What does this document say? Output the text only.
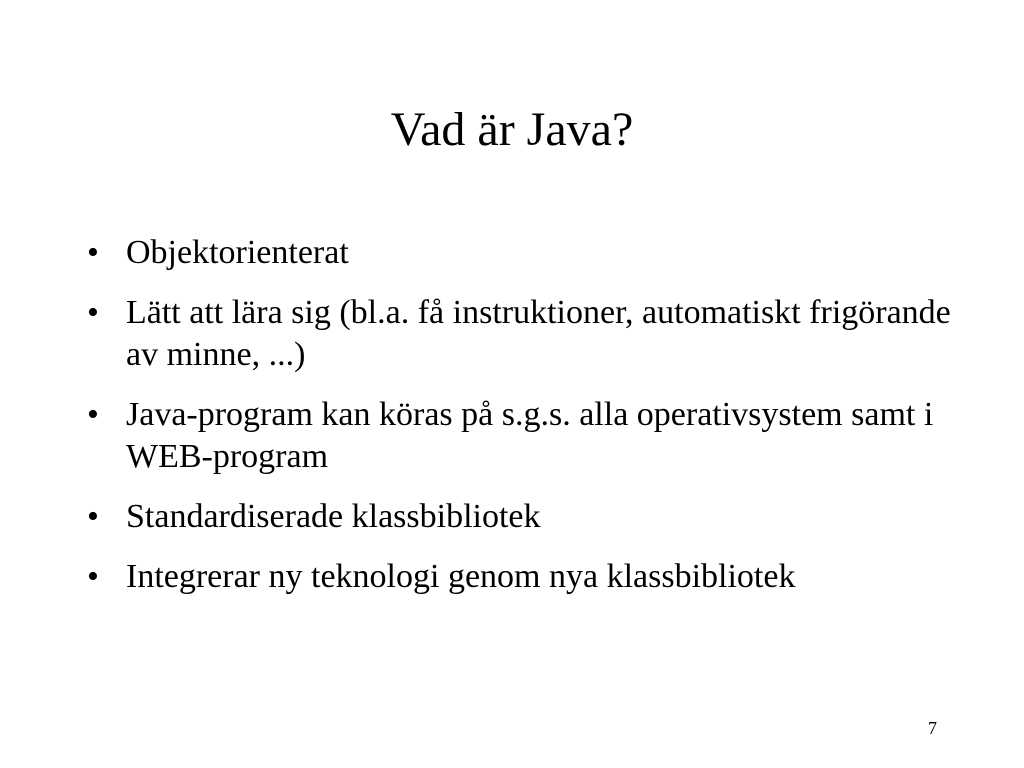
Vad är Java?
• Objektorienterat
• Lätt att lära sig (bl.a. få instruktioner, automatiskt frigörande av minne, ...)
• Java-program kan köras på s.g.s. alla operativsystem samt i WEB-program
• Standardiserade klassbibliotek
• Integrerar ny teknologi genom nya klassbibliotek
7
